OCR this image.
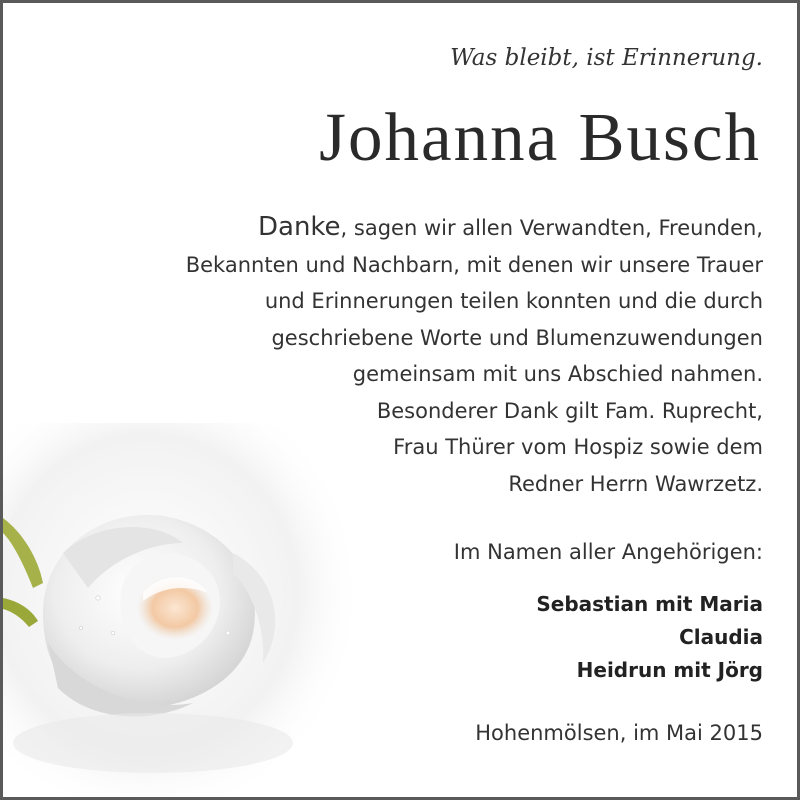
Was bleibt, ist Erinnerung.
Johanna Busch
Danke, sagen wir allen Verwandten, Freunden,
Bekannten und Nachbarn, mit denen wir unsere Trauer
und Erinnerungen teilen konnten und die durch
geschriebene Worte und Blumenzuwendungen
gemeinsam mit uns Abschied nahmen.
Besonderer Dank gilt Fam. Ruprecht,
Frau Thürer vom Hospiz sowie dem
Redner Herrn Wawrzetz.
Im Namen aller Angehörigen:
Sebastian mit Maria
Claudia
Heidrun mit Jörg
Hohenmölsen, im Mai 2015
